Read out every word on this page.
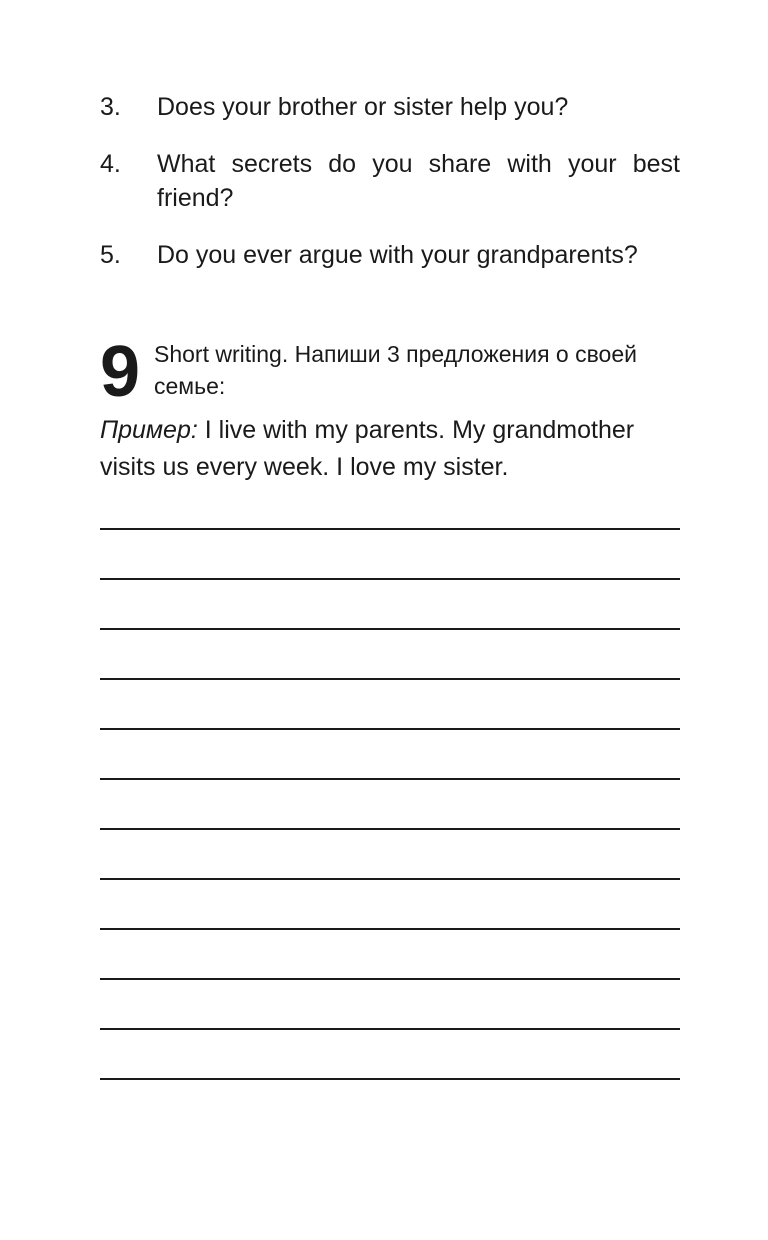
3.	Does your brother or sister help you?
4.	What secrets do you share with your best friend?
5.	Do you ever argue with your grandparents?
9 Short writing. Напиши 3 предложения о своей семье:
Пример: I live with my parents. My grandmother visits us every week. I love my sister.
